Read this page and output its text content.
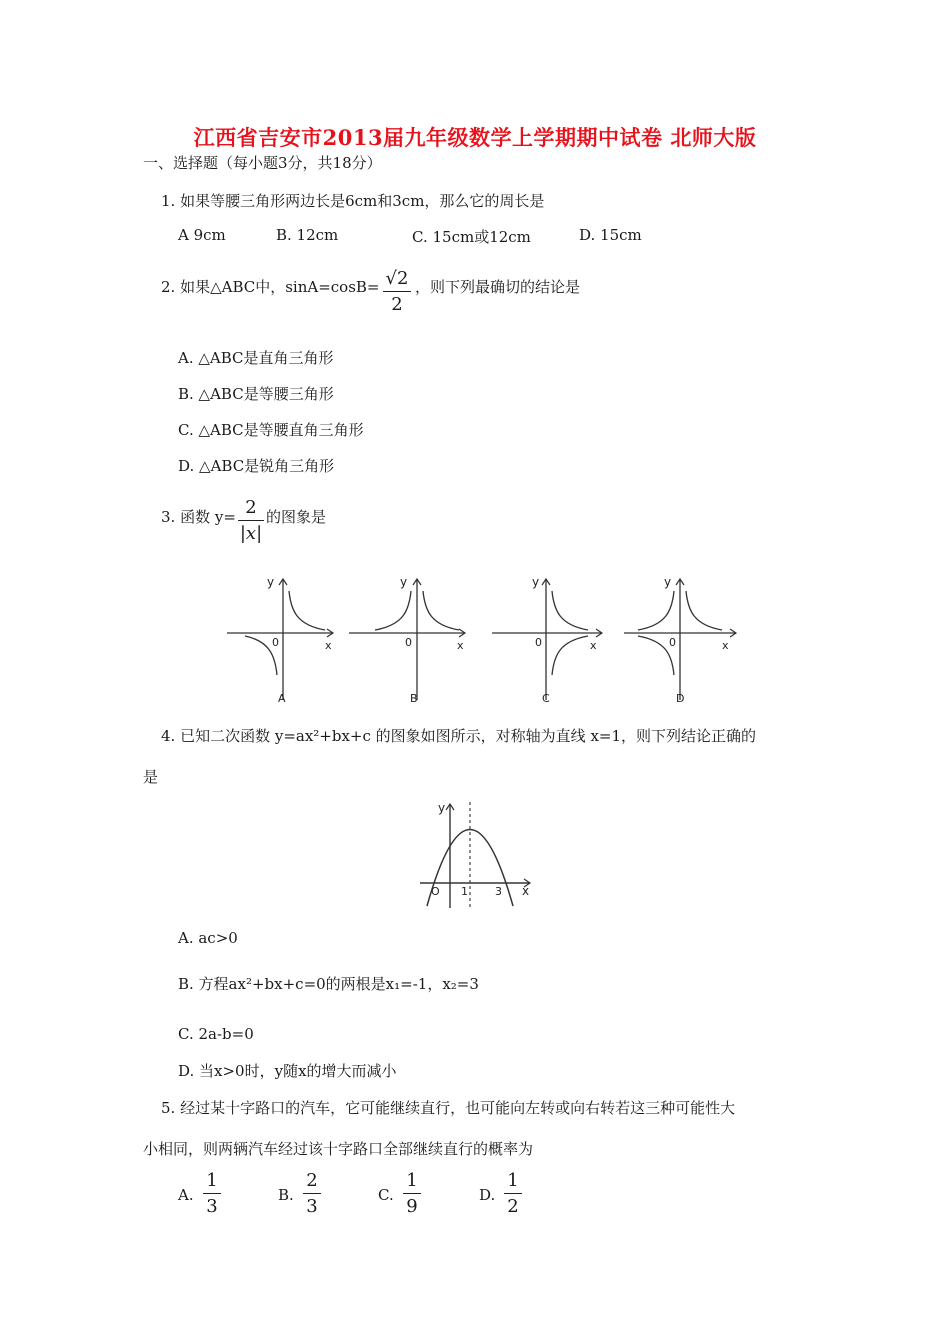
江西省吉安市2013届九年级数学上学期期中试卷 北师大版
一、选择题（每小题3分，共18分）
1. 如果等腰三角形两边长是6cm和3cm，那么它的周长是
A 9cm	B. 12cm	C. 15cm或12cm	D. 15cm
2. 如果△ABC中，sinA=cosB= √2
2
，则下列最确切的结论是
A. △ABC是直角三角形
B. △ABC是等腰三角形
C. △ABC是等腰直角三角形
D. △ABC是锐角三角形
3. 函数 y= 2
|x|
的图象是
y
0	x
A
y
0	x
B
y
0	x
C
y
0	x
D
4. 已知二次函数 y=ax²+bx+c 的图象如图所示，对称轴为直线 x=1，则下列结论正确的
是
y
O 1 3 x
A. ac>0
B. 方程ax²+bx+c=0的两根是x₁=-1，x₂=3
C. 2a-b=0
D. 当x>0时，y随x的增大而减小
5. 经过某十字路口的汽车，它可能继续直行，也可能向左转或向右转若这三种可能性大
小相同，则两辆汽车经过该十字路口全部继续直行的概率为
A.
1
3
B.
2
3
C.
1
9
D.
1
2
